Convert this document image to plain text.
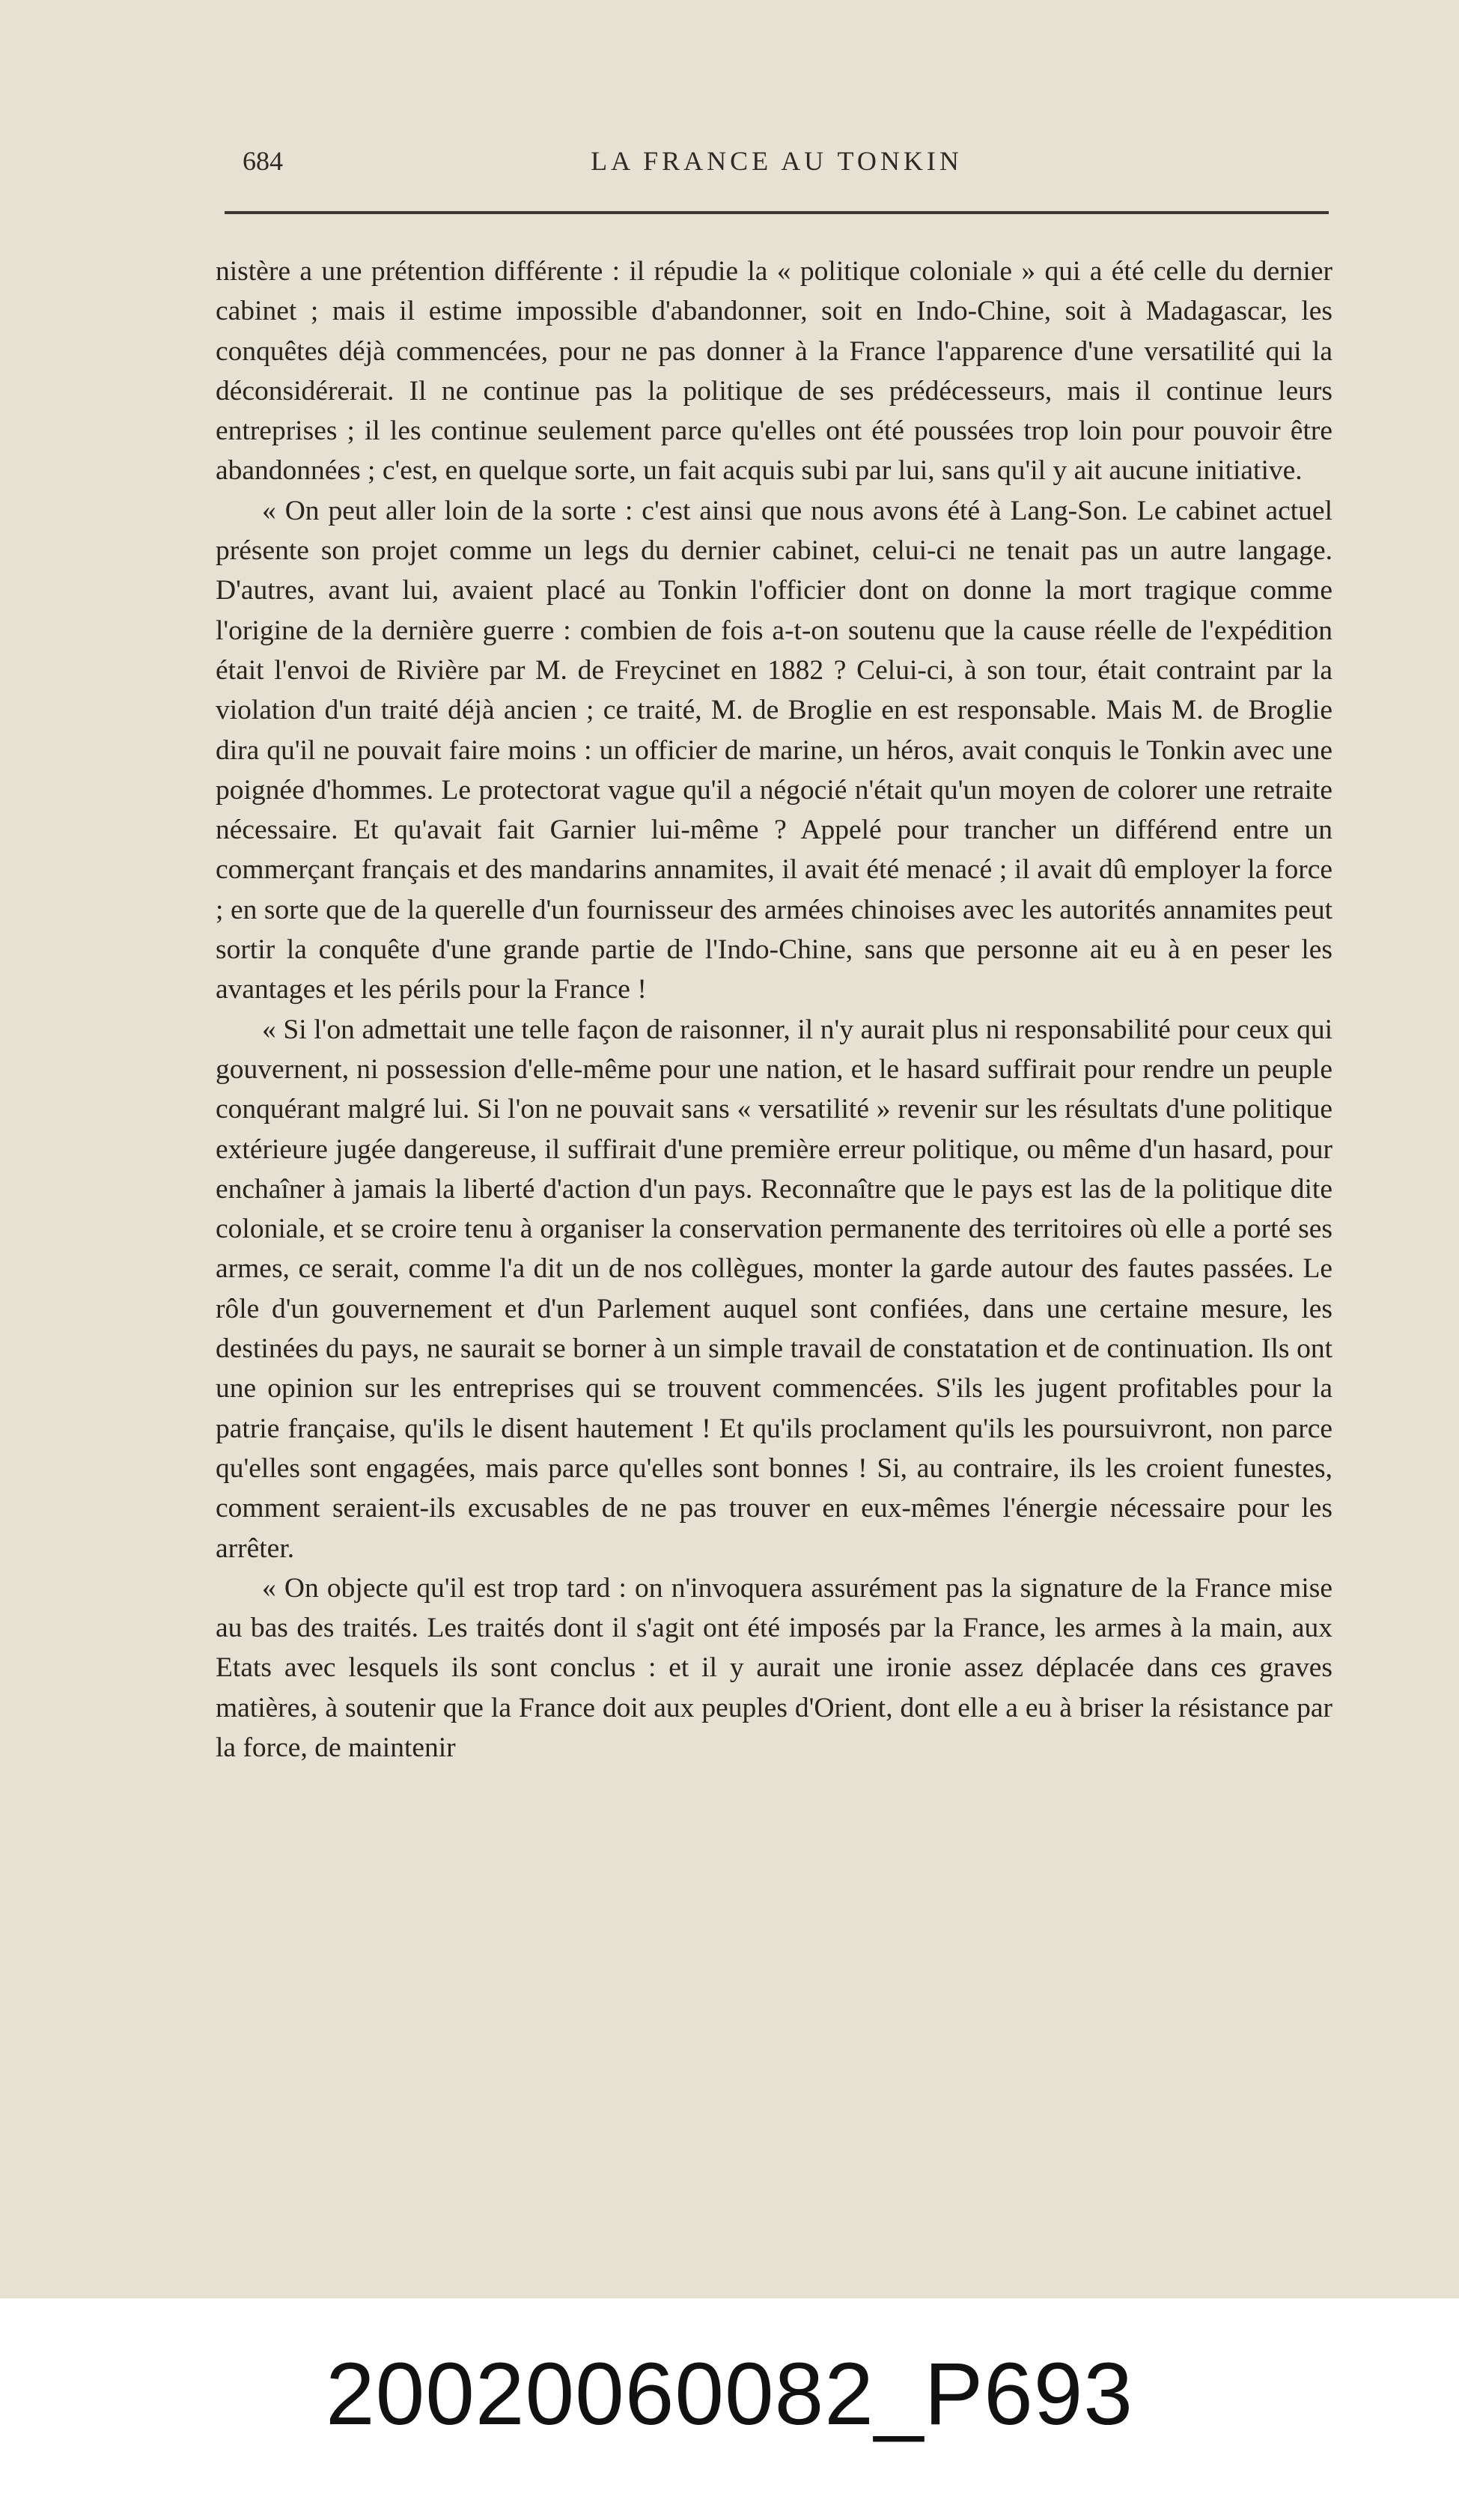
684	LA FRANCE AU TONKIN

nistère a une prétention différente : il répudie la « politique coloniale » qui a été celle du dernier cabinet ; mais il estime impossible d'abandonner, soit en Indo-Chine, soit à Madagascar, les conquêtes déjà commencées, pour ne pas donner à la France l'apparence d'une versatilité qui la déconsidérerait. Il ne continue pas la politique de ses prédécesseurs, mais il continue leurs entreprises ; il les continue seulement parce qu'elles ont été poussées trop loin pour pouvoir être abandonnées ; c'est, en quelque sorte, un fait acquis subi par lui, sans qu'il y ait aucune initiative.

« On peut aller loin de la sorte : c'est ainsi que nous avons été à Lang-Son. Le cabinet actuel présente son projet comme un legs du dernier cabinet, celui-ci ne tenait pas un autre langage. D'autres, avant lui, avaient placé au Tonkin l'officier dont on donne la mort tragique comme l'origine de la dernière guerre : combien de fois a-t-on soutenu que la cause réelle de l'expédition était l'envoi de Rivière par M. de Freycinet en 1882 ? Celui-ci, à son tour, était contraint par la violation d'un traité déjà ancien ; ce traité, M. de Broglie en est responsable. Mais M. de Broglie dira qu'il ne pouvait faire moins : un officier de marine, un héros, avait conquis le Tonkin avec une poignée d'hommes. Le protectorat vague qu'il a négocié n'était qu'un moyen de colorer une retraite nécessaire. Et qu'avait fait Garnier lui-même ? Appelé pour trancher un différend entre un commerçant français et des mandarins annamites, il avait été menacé ; il avait dû employer la force ; en sorte que de la querelle d'un fournisseur des armées chinoises avec les autorités annamites peut sortir la conquête d'une grande partie de l'Indo-Chine, sans que personne ait eu à en peser les avantages et les périls pour la France !

« Si l'on admettait une telle façon de raisonner, il n'y aurait plus ni responsabilité pour ceux qui gouvernent, ni possession d'elle-même pour une nation, et le hasard suffirait pour rendre un peuple conquérant malgré lui. Si l'on ne pouvait sans « versatilité » revenir sur les résultats d'une politique extérieure jugée dangereuse, il suffirait d'une première erreur politique, ou même d'un hasard, pour enchaîner à jamais la liberté d'action d'un pays. Reconnaître que le pays est las de la politique dite coloniale, et se croire tenu à organiser la conservation permanente des territoires où elle a porté ses armes, ce serait, comme l'a dit un de nos collègues, monter la garde autour des fautes passées. Le rôle d'un gouvernement et d'un Parlement auquel sont confiées, dans une certaine mesure, les destinées du pays, ne saurait se borner à un simple travail de constatation et de continuation. Ils ont une opinion sur les entreprises qui se trouvent commencées. S'ils les jugent profitables pour la patrie française, qu'ils le disent hautement ! Et qu'ils proclament qu'ils les poursuivront, non parce qu'elles sont engagées, mais parce qu'elles sont bonnes ! Si, au contraire, ils les croient funestes, comment seraient-ils excusables de ne pas trouver en eux-mêmes l'énergie nécessaire pour les arrêter.

« On objecte qu'il est trop tard : on n'invoquera assurément pas la signature de la France mise au bas des traités. Les traités dont il s'agit ont été imposés par la France, les armes à la main, aux Etats avec lesquels ils sont conclus : et il y aurait une ironie assez déplacée dans ces graves matières, à soutenir que la France doit aux peuples d'Orient, dont elle a eu à briser la résistance par la force, de maintenir

20020060082_P693
